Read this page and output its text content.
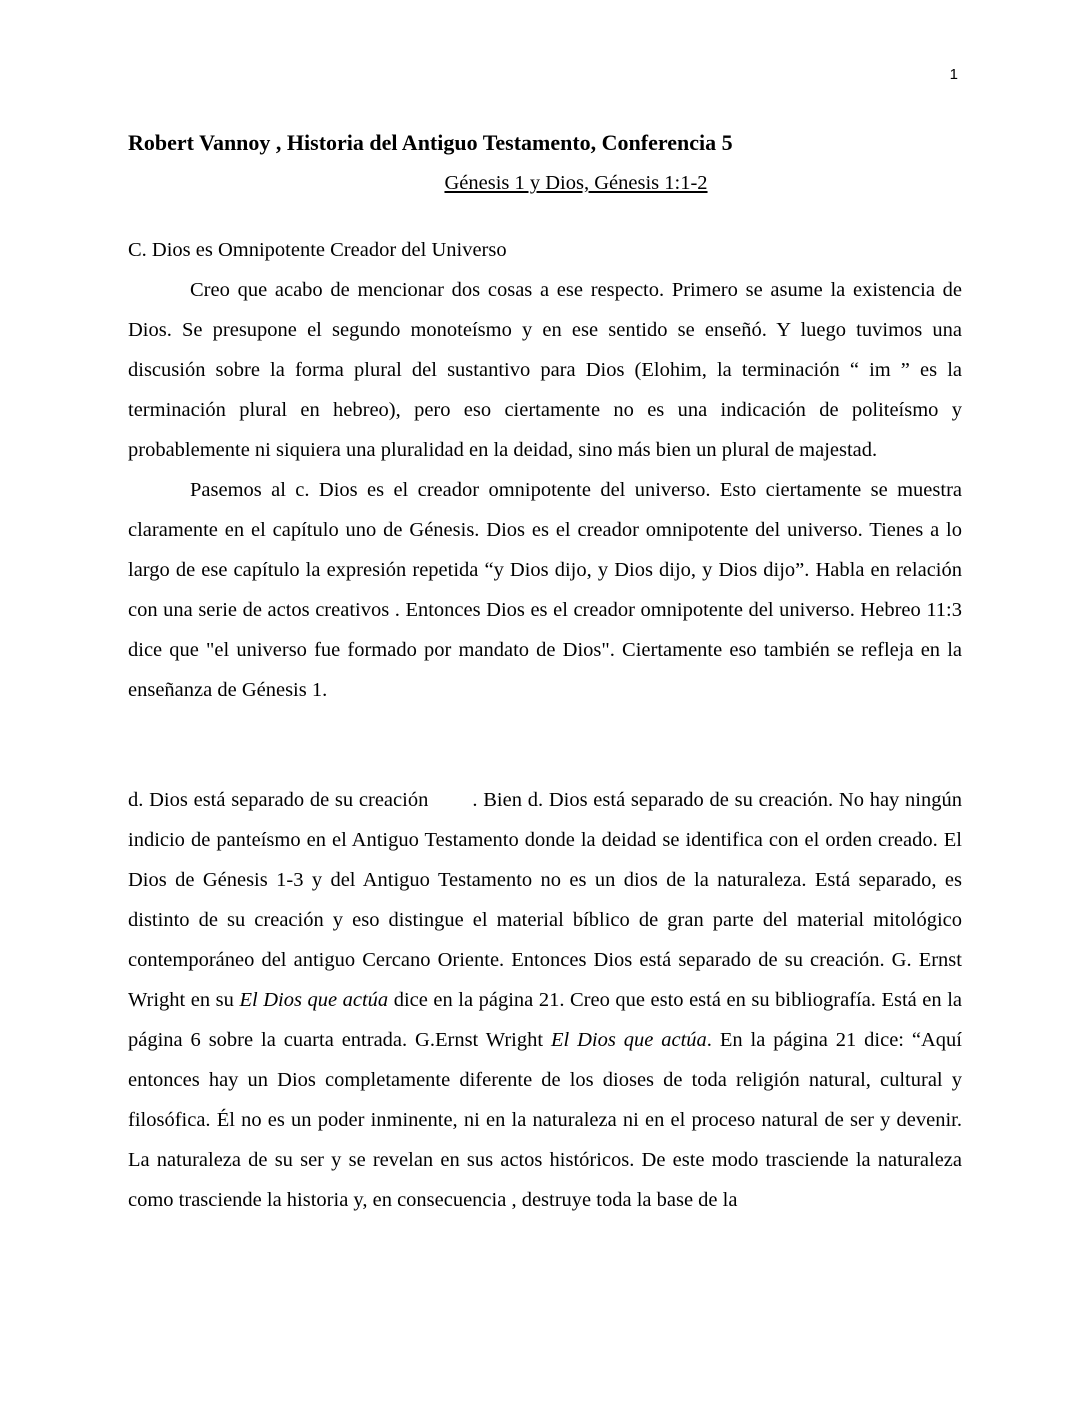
1
Robert Vannoy , Historia del Antiguo Testamento, Conferencia 5
Génesis 1 y Dios, Génesis 1:1-2

C. Dios es Omnipotente Creador del Universo

Creo que acabo de mencionar dos cosas a ese respecto. Primero se asume la existencia de Dios. Se presupone el segundo monoteísmo y en ese sentido se enseñó. Y luego tuvimos una discusión sobre la forma plural del sustantivo para Dios (Elohim, la terminación “ im ” es la terminación plural en hebreo), pero eso ciertamente no es una indicación de politeísmo y probablemente ni siquiera una pluralidad en la deidad, sino más bien un plural de majestad.

Pasemos al c. Dios es el creador omnipotente del universo. Esto ciertamente se muestra claramente en el capítulo uno de Génesis. Dios es el creador omnipotente del universo. Tienes a lo largo de ese capítulo la expresión repetida “y Dios dijo, y Dios dijo, y Dios dijo”. Habla en relación con una serie de actos creativos . Entonces Dios es el creador omnipotente del universo. Hebreo 11:3 dice que "el universo fue formado por mandato de Dios". Ciertamente eso también se refleja en la enseñanza de Génesis 1.

d. Dios está separado de su creación . Bien d. Dios está separado de su creación. No hay ningún indicio de panteísmo en el Antiguo Testamento donde la deidad se identifica con el orden creado. El Dios de Génesis 1-3 y del Antiguo Testamento no es un dios de la naturaleza. Está separado, es distinto de su creación y eso distingue el material bíblico de gran parte del material mitológico contemporáneo del antiguo Cercano Oriente. Entonces Dios está separado de su creación. G. Ernst Wright en su El Dios que actúa dice en la página 21. Creo que esto está en su bibliografía. Está en la página 6 sobre la cuarta entrada. G.Ernst Wright El Dios que actúa. En la página 21 dice: “Aquí entonces hay un Dios completamente diferente de los dioses de toda religión natural, cultural y filosófica. Él no es un poder inminente, ni en la naturaleza ni en el proceso natural de ser y devenir. La naturaleza de su ser y se revelan en sus actos históricos. De este modo trasciende la naturaleza como trasciende la historia y, en consecuencia , destruye toda la base de la
